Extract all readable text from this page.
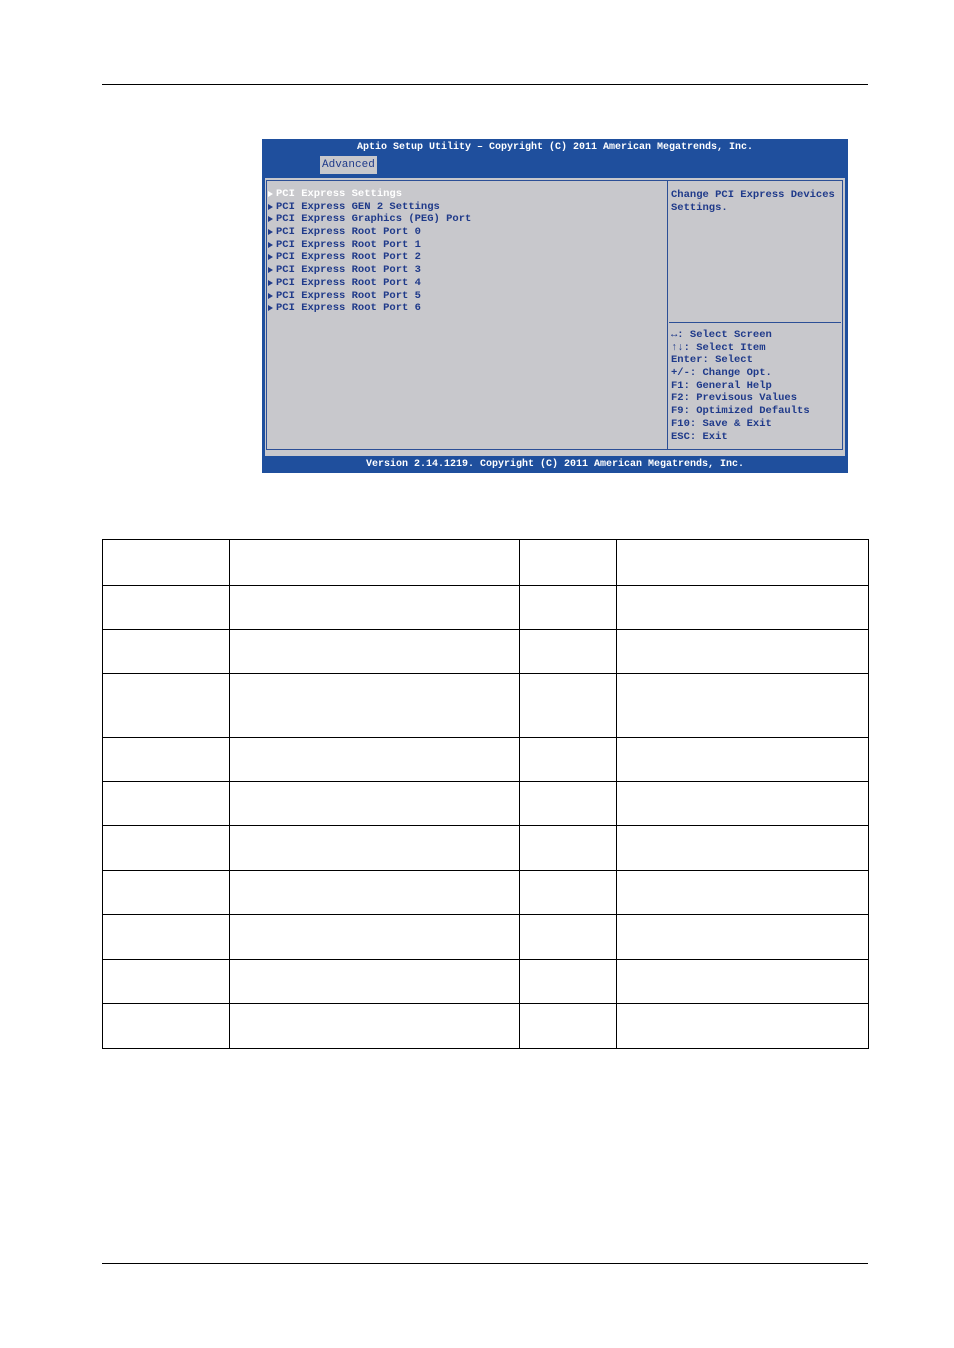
Aptio Setup Utility – Copyright (C) 2011 American Megatrends, Inc.
Advanced
PCI Express Settings
PCI Express GEN 2 Settings
PCI Express Graphics (PEG) Port
PCI Express Root Port 0
PCI Express Root Port 1
PCI Express Root Port 2
PCI Express Root Port 3
PCI Express Root Port 4
PCI Express Root Port 5
PCI Express Root Port 6
Change PCI Express Devices Settings.
↔: Select Screen
↑↓: Select Item
Enter: Select
+/-: Change Opt.
F1: General Help
F2: Previsous Values
F9: Optimized Defaults
F10: Save & Exit
ESC: Exit
Version 2.14.1219. Copyright (C) 2011 American Megatrends, Inc.
